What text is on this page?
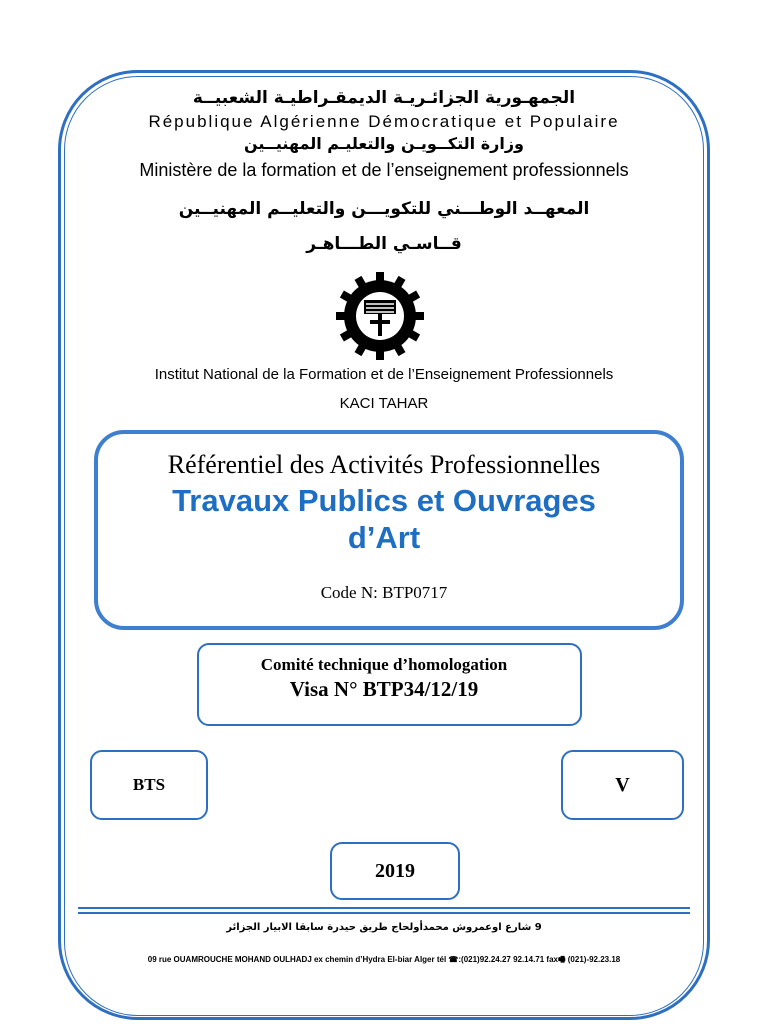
الجمهـورية الجزائـريـة الديمقـراطيـة الشعبيــة
République Algérienne Démocratique et Populaire
وزارة التكــويـن والتعليـم المهنيــين
Ministère de la formation et de l’enseignement professionnels
المعهــد الوطـــني للتكويـــن والتعليــم المهنيــين
قــاسـي الطـــاهـر
Institut National de la Formation et de l’Enseignement Professionnels
KACI TAHAR
Référentiel des Activités Professionnelles
Travaux Publics et Ouvrages
d’Art
Code N: BTP0717
Comité technique d’homologation
Visa N° BTP34/12/19
BTS	V
2019
9 شارع اوعمروش محمدأولحاج طريق حيدرة سابقا الابيار الجزائر
09 rue OUAMROUCHE MOHAND OULHADJ ex chemin d’Hydra El-biar Alger tél ☎:(021)92.24.27 92.14.71 fax🖷 (021)-92.23.18
